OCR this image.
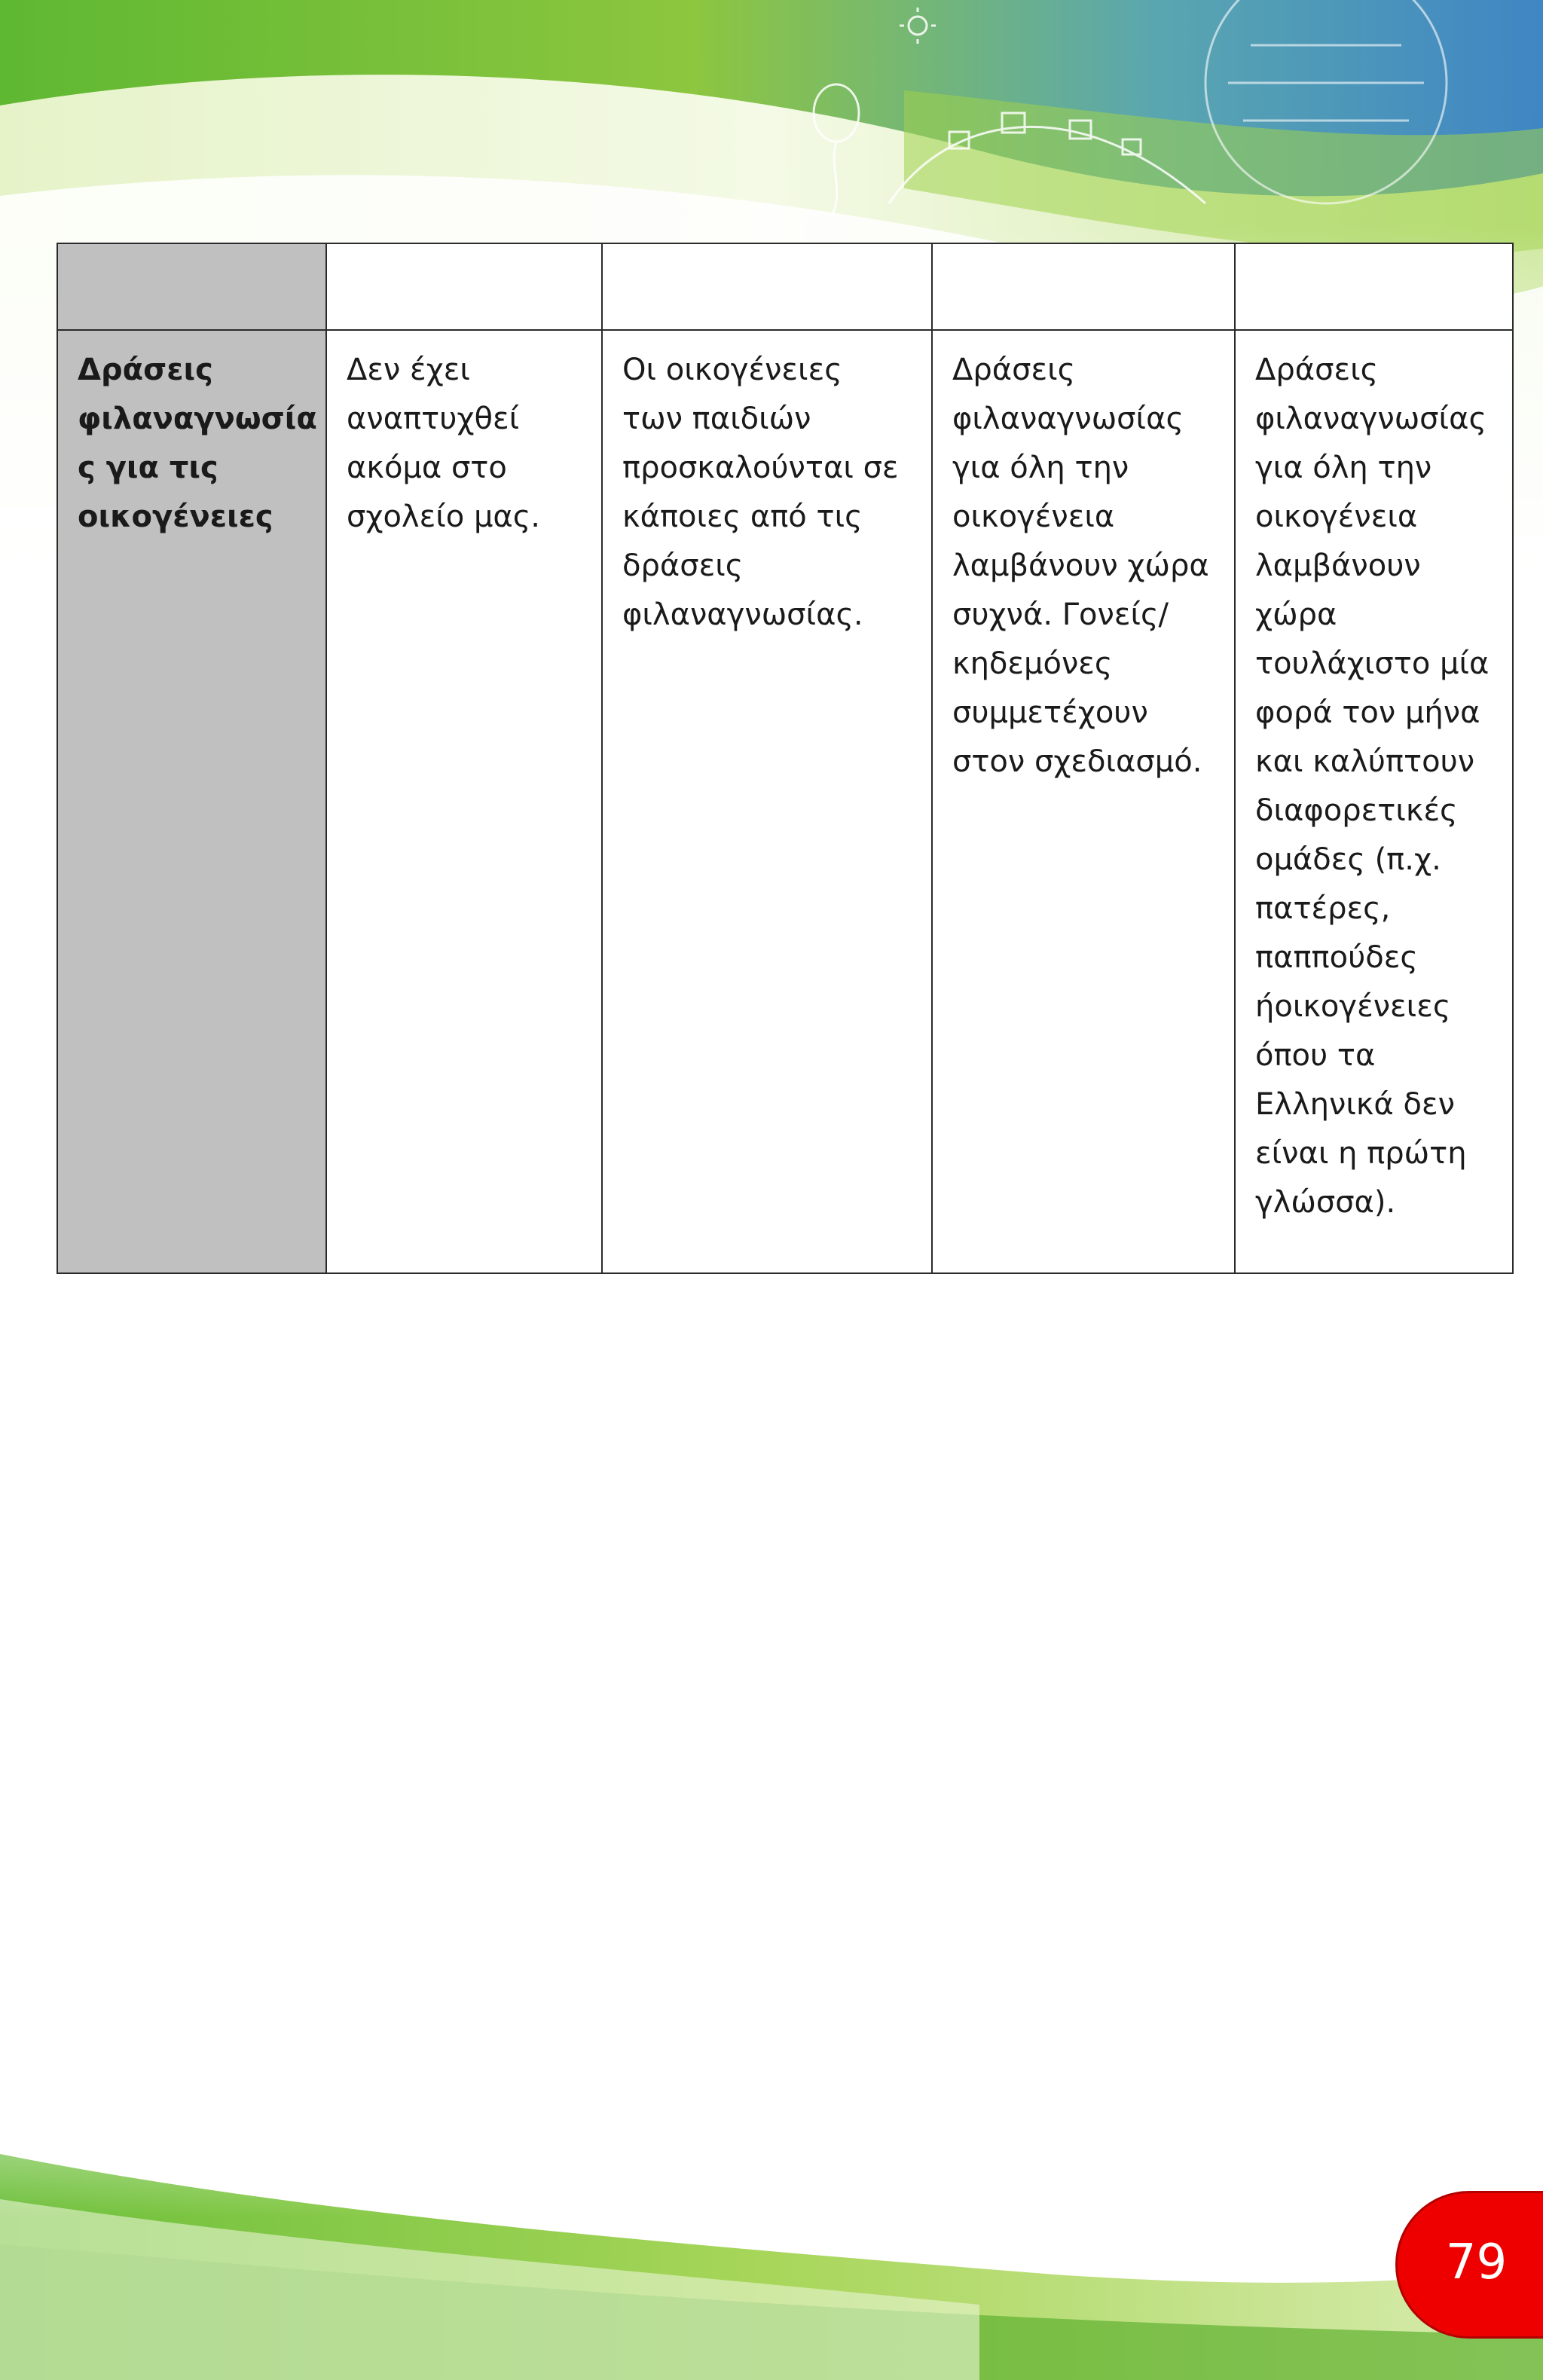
Δράσεις φιλαναγνωσία ς για τις οικογένειες	Δεν έχει αναπτυχθεί ακόμα στο σχολείο μας.	Οι οικογένειες των παιδιών προσκαλούνται σε κάποιες από τις δράσεις φιλαναγνωσίας.	Δράσεις φιλαναγνωσίας για όλη την οικογένεια λαμβάνουν χώρα συχνά. Γονείς/κηδεμόνες συμμετέχουν στον σχεδιασμό.	Δράσεις φιλαναγνωσίας για όλη την οικογένεια λαμβάνουν χώρα τουλάχιστο μία φορά τον μήνα και καλύπτουν διαφορετικές ομάδες (π.χ. πατέρες, παππούδες ήοικογένειες όπου τα Ελληνικά δεν είναι η πρώτη γλώσσα).
79
